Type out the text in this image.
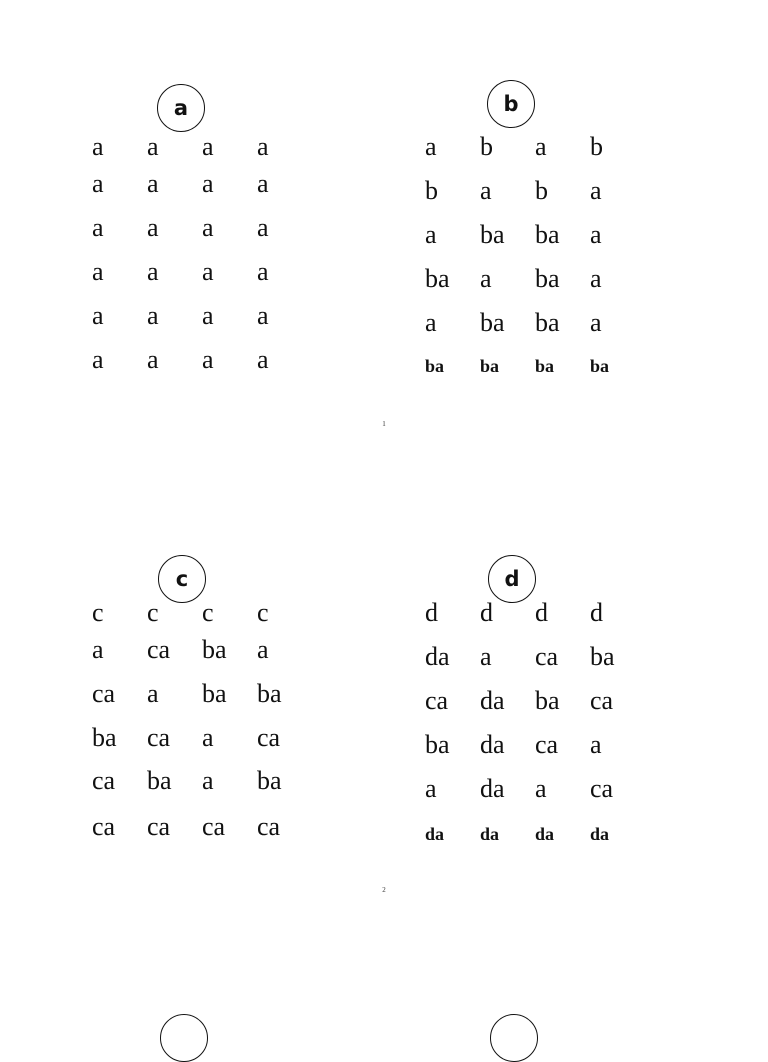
a
a a a a
a a a a
a a a a
a a a a
a a a a
a a a a
b
a b a b
b a b a
a ba ba a
ba a ba a
a ba ba a
ba ba ba ba
c
c c c c
a ca ba a
ca a ba ba
ba ca a ca
ca ba a ba
ca ca ca ca
d
d d d d
da a ca ba
ca da ba ca
ba da ca a
a da a ca
da da da da
1
2
